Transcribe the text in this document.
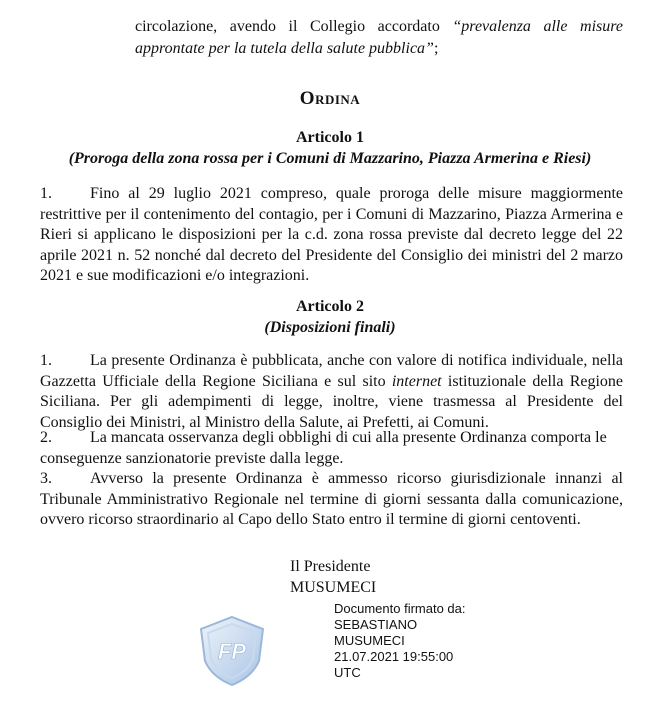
circolazione, avendo il Collegio accordato “prevalenza alle misure approntate per la tutela della salute pubblica”;
Ordina
Articolo 1
(Proroga della zona rossa per i Comuni di Mazzarino, Piazza Armerina e Riesi)
1. Fino al 29 luglio 2021 compreso, quale proroga delle misure maggiormente restrittive per il contenimento del contagio, per i Comuni di Mazzarino, Piazza Armerina e Rieri si applicano le disposizioni per la c.d. zona rossa previste dal decreto legge del 22 aprile 2021 n. 52 nonché dal decreto del Presidente del Consiglio dei ministri del 2 marzo 2021 e sue modificazioni e/o integrazioni.
Articolo 2
(Disposizioni finali)
1. La presente Ordinanza è pubblicata, anche con valore di notifica individuale, nella Gazzetta Ufficiale della Regione Siciliana e sul sito internet istituzionale della Regione Siciliana. Per gli adempimenti di legge, inoltre, viene trasmessa al Presidente del Consiglio dei Ministri, al Ministro della Salute, ai Prefetti, ai Comuni.
2. La mancata osservanza degli obblighi di cui alla presente Ordinanza comporta le conseguenze sanzionatorie previste dalla legge.
3. Avverso la presente Ordinanza è ammesso ricorso giurisdizionale innanzi al Tribunale Amministrativo Regionale nel termine di giorni sessanta dalla comunicazione, ovvero ricorso straordinario al Capo dello Stato entro il termine di giorni centoventi.
Il Presidente
MUSUMECI
FP
Documento firmato da:
SEBASTIANO
MUSUMECI
21.07.2021 19:55:00
UTC
